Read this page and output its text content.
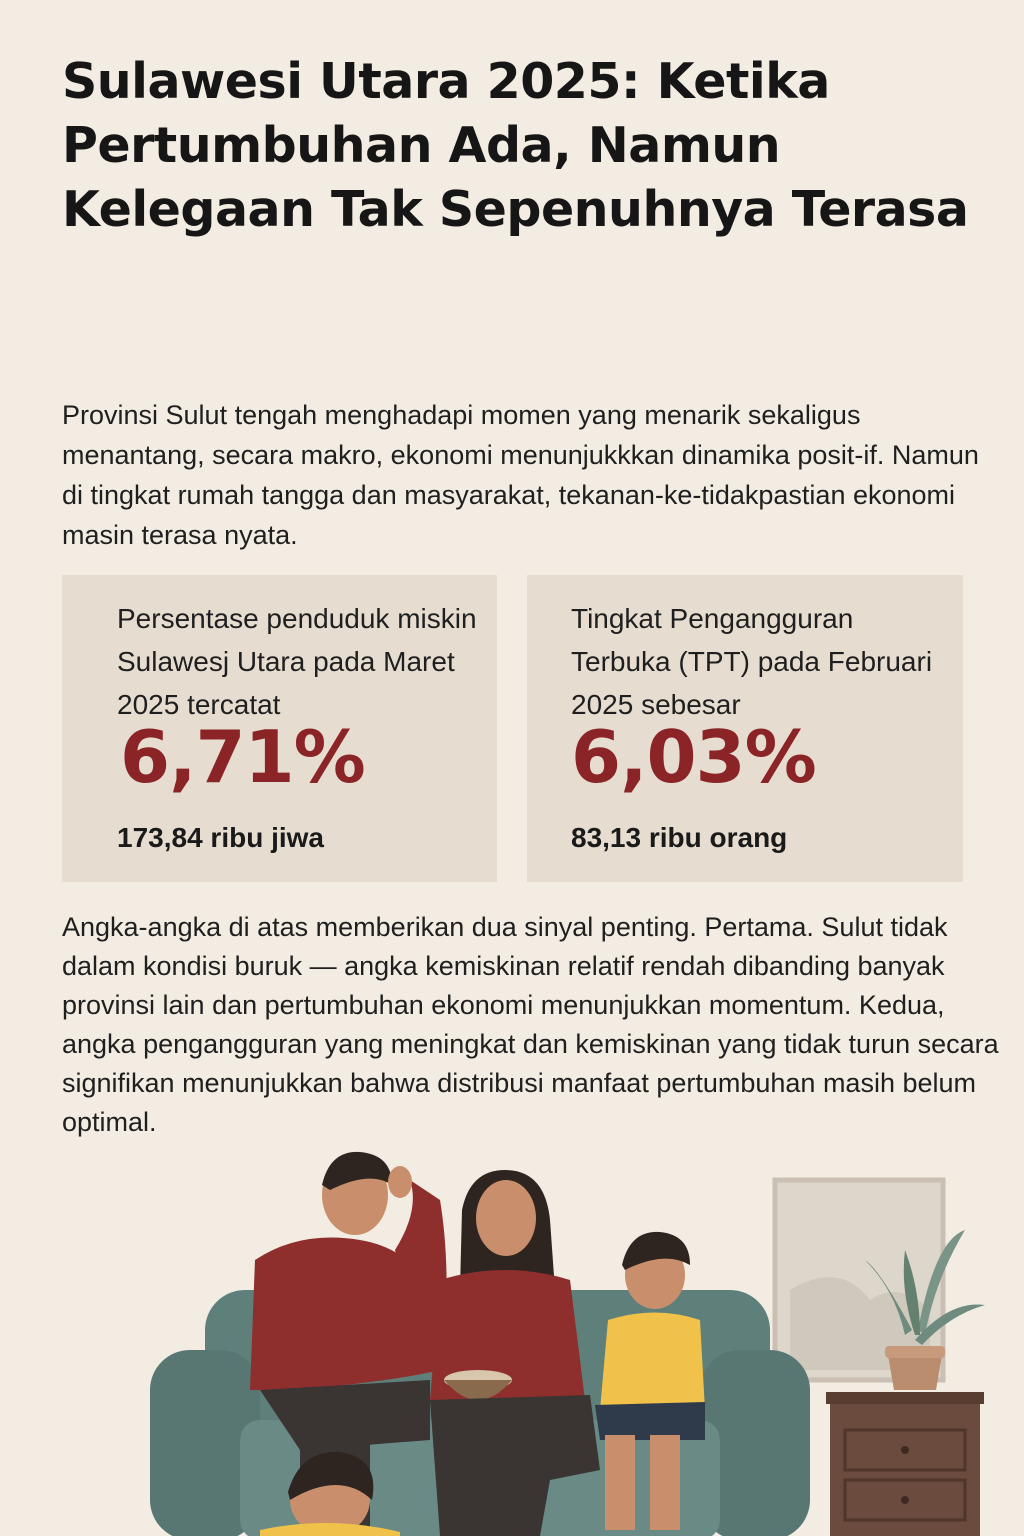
Sulawesi Utara 2025: Ketika Pertumbuhan Ada, Namun Kelegaan Tak Sepenuhnya Terasa

Provinsi Sulut tengah menghadapi momen yang menarik sekaligus menantang, secara makro, ekonomi menunjukkkan dinamika posit-if. Namun di tingkat rumah tangga dan masyarakat, tekanan-ke-tidakpastian ekonomi masin terasa nyata.

Persentase penduduk miskin Sulawesj Utara pada Maret 2025 tercatat
6,71%
173,84 ribu jiwa
Tingkat Pengangguran Terbuka (TPT) pada Februari 2025 sebesar
6,03%
83,13 ribu orang

Angka-angka di atas memberikan dua sinyal penting. Pertama. Sulut tidak dalam kondisi buruk — angka kemiskinan relatif rendah dibanding banyak provinsi lain dan pertumbuhan ekonomi menunjukkan momentum. Kedua, angka pengangguran yang meningkat dan kemiskinan yang tidak turun secara signifikan menunjukkan bahwa distribusi manfaat pertumbuhan masih belum optimal.
